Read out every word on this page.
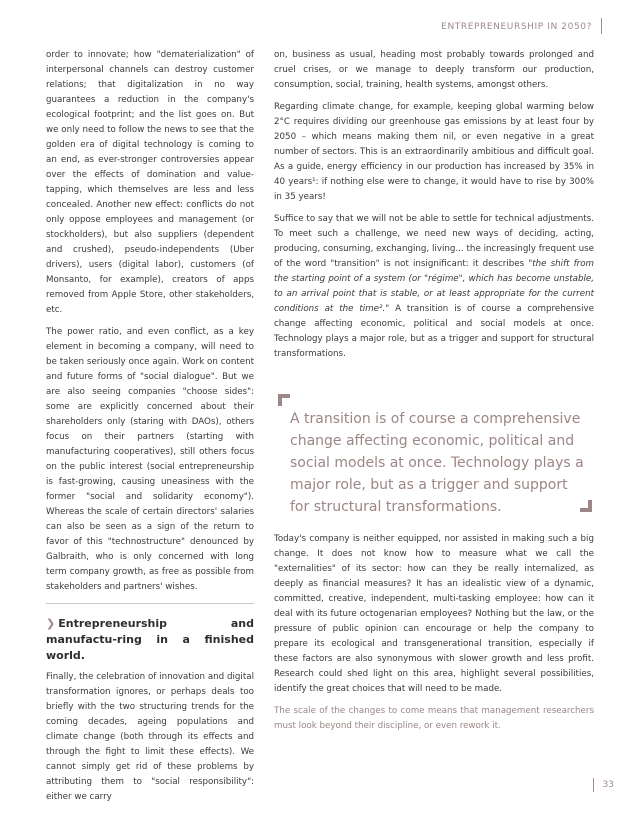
ENTREPRENEURSHIP IN 2050?

order to innovate; how "dematerialization" of interpersonal channels can destroy customer relations; that digitalization in no way guarantees a reduction in the company's ecological footprint; and the list goes on. But we only need to follow the news to see that the golden era of digital technology is coming to an end, as ever-stronger controversies appear over the effects of domination and value-tapping, which themselves are less and less concealed. Another new effect: conflicts do not only oppose employees and management (or stockholders), but also suppliers (dependent and crushed), pseudo-independents (Uber drivers), users (digital labor), customers (of Monsanto, for example), creators of apps removed from Apple Store, other stakeholders, etc.

The power ratio, and even conflict, as a key element in becoming a company, will need to be taken seriously once again. Work on content and future forms of "social dialogue". But we are also seeing companies "choose sides": some are explicitly concerned about their shareholders only (staring with DAOs), others focus on their partners (starting with manufacturing cooperatives), still others focus on the public interest (social entrepreneurship is fast-growing, causing uneasiness with the former "social and solidarity economy"). Whereas the scale of certain directors' salaries can also be seen as a sign of the return to favor of this "technostructure" denounced by Galbraith, who is only concerned with long term company growth, as free as possible from stakeholders and partners' wishes.

❯ Entrepreneurship and manufactu-ring in a finished world.

Finally, the celebration of innovation and digital transformation ignores, or perhaps deals too briefly with the two structuring trends for the coming decades, ageing populations and climate change (both through its effects and through the fight to limit these effects). We cannot simply get rid of these problems by attributing them to "social responsibility": either we carry

on, business as usual, heading most probably towards prolonged and cruel crises, or we manage to deeply transform our production, consumption, social, training, health systems, amongst others.

Regarding climate change, for example, keeping global warming below 2°C requires dividing our greenhouse gas emissions by at least four by 2050 – which means making them nil, or even negative in a great number of sectors. This is an extraordinarily ambitious and difficult goal. As a guide, energy efficiency in our production has increased by 35% in 40 years¹: if nothing else were to change, it would have to rise by 300% in 35 years!

Suffice to say that we will not be able to settle for technical adjustments. To meet such a challenge, we need new ways of deciding, acting, producing, consuming, exchanging, living... the increasingly frequent use of the word "transition" is not insignificant: it describes "the shift from the starting point of a system (or "régime", which has become unstable, to an arrival point that is stable, or at least appropriate for the current conditions at the time²." A transition is of course a comprehensive change affecting economic, political and social models at once. Technology plays a major role, but as a trigger and support for structural transformations.

A transition is of course a comprehensive change affecting economic, political and social models at once. Technology plays a major role, but as a trigger and support for structural transformations.

Today's company is neither equipped, nor assisted in making such a big change. It does not know how to measure what we call the "externalities" of its sector: how can they be really internalized, as deeply as financial measures? It has an idealistic view of a dynamic, committed, creative, independent, multi-tasking employee: how can it deal with its future octogenarian employees? Nothing but the law, or the pressure of public opinion can encourage or help the company to prepare its ecological and transgenerational transition, especially if these factors are also synonymous with slower growth and less profit. Research could shed light on this area, highlight several possibilities, identify the great choices that will need to be made.

The scale of the changes to come means that management researchers must look beyond their discipline, or even rework it.

33
